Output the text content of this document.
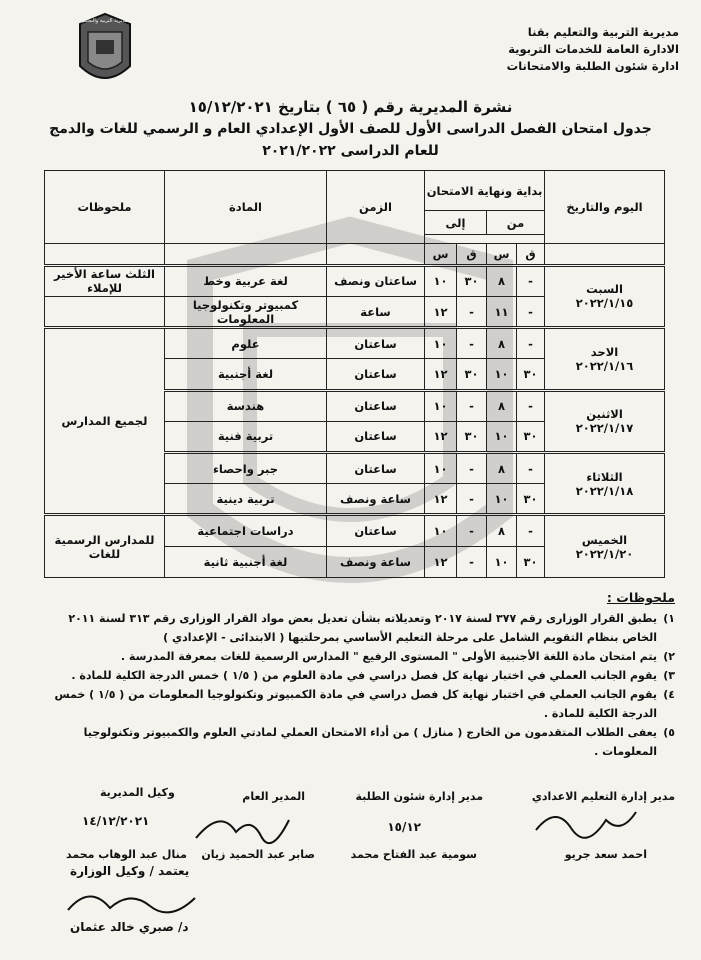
مديرية التربية والتعليم بقنا
الادارة العامة للخدمات التربوية
ادارة شئون الطلبة والامتحانات
مديرية التربية والتعليم
نشرة المديرية رقم ( ٦٥ ) بتاريخ ١٥/١٢/٢٠٢١
جدول امتحان الفصل الدراسى الأول للصف الأول الإعدادي العام و الرسمي للغات والدمج
للعام الدراسى ٢٠٢١/٢٠٢٢
اليوم والتاريخ	بداية ونهاية الامتحان				الزمن	المادة	ملحوظات
	من		إلى				

	ق	س	ق	س			

السبت
٢٠٢٢/١/١٥	-	٨	٣٠	١٠	ساعتان ونصف	لغة عربية وخط	الثلث ساعة الأخير للإملاء
	-	١١	-	١٢	ساعة	كمبيوتر وتكنولوجيا المعلومات	

الاحد
٢٠٢٢/١/١٦	-	٨	-	١٠	ساعتان	علوم	لجميع المدارس
	٣٠	١٠	٣٠	١٢	ساعتان	لغة أجنبية	

الاثنين
٢٠٢٢/١/١٧	-	٨	-	١٠	ساعتان	هندسة	
	٣٠	١٠	٣٠	١٢	ساعتان	تربية فنية	

الثلاثاء
٢٠٢٢/١/١٨	-	٨	-	١٠	ساعتان	جبر واحصاء	
	٣٠	١٠	-	١٢	ساعة ونصف	تربية دينية	

الخميس
٢٠٢٢/١/٢٠	-	٨	-	١٠	ساعتان	دراسات اجتماعية	للمدارس الرسمية للغات
	٣٠	١٠	-	١٢	ساعة ونصف	لغة أجنبية ثانية	
ملحوظات :
١)
يطبق القرار الوزارى رقم ٣٧٧ لسنة ٢٠١٧ وتعديلاته بشأن تعديل بعض مواد القرار الوزارى رقم ٣١٣ لسنة ٢٠١١ الخاص بنظام التقويم الشامل على مرحلة التعليم الأساسي بمرحلتيها ( الابتدائى - الإعدادي )
٢)
يتم امتحان مادة اللغة الأجنبية الأولى " المستوى الرفيع " المدارس الرسمية للغات بمعرفة المدرسة .
٣)
يقوم الجانب العملي في اختبار نهاية كل فصل دراسي في مادة العلوم من ( ١/٥ ) خمس الدرجة الكلية للمادة .
٤)
يقوم الجانب العملي في اختبار نهاية كل فصل دراسي في مادة الكمبيوتر وتكنولوجيا المعلومات من ( ١/٥ ) خمس الدرجة الكلية للمادة .
٥)
يعفى الطلاب المتقدمون من الخارج ( منازل ) من أداء الامتحان العملي لمادتي العلوم والكمبيوتر وتكنولوجيا المعلومات .
مدير إدارة التعليم الاعدادي
مدير إدارة شئون الطلبة
المدير العام
وكيل المديرية
١٥/١٢
١٤/١٢/٢٠٢١
احمد سعد جريو
سومية عبد الفتاح محمد
صابر عبد الحميد زيان
منال عبد الوهاب محمد
يعتمد / وكيل الوزارة
د/ صبري خالد عثمان
